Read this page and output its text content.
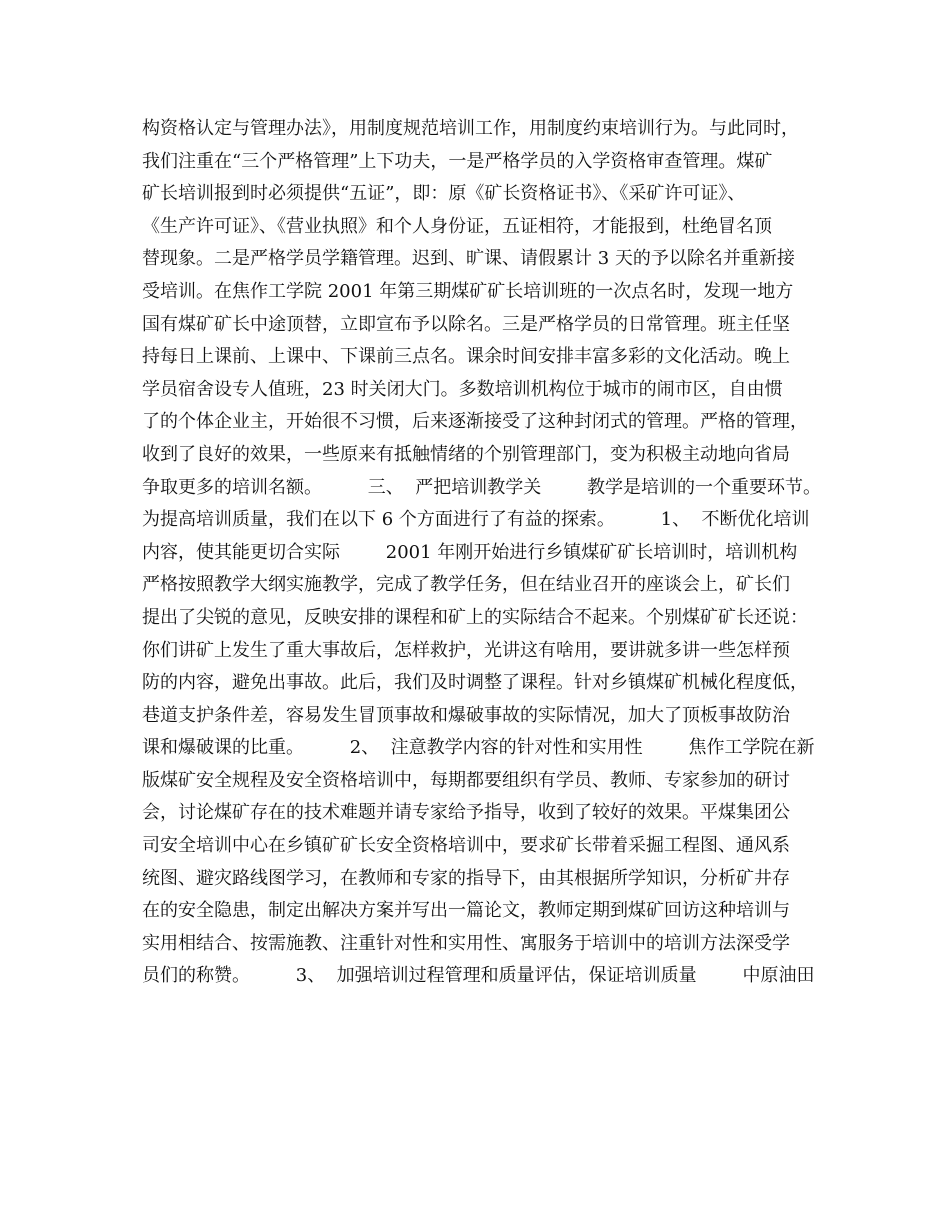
构资格认定与管理办法》，用制度规范培训工作，用制度约束培训行为。与此同时，
我们注重在“三个严格管理”上下功夫，一是严格学员的入学资格审查管理。煤矿
矿长培训报到时必须提供“五证”，即：原《矿长资格证书》、《采矿许可证》、
《生产许可证》、《营业执照》和个人身份证，五证相符，才能报到，杜绝冒名顶
替现象。二是严格学员学籍管理。迟到、旷课、请假累计 3 天的予以除名并重新接
受培训。在焦作工学院 2001 年第三期煤矿矿长培训班的一次点名时，发现一地方
国有煤矿矿长中途顶替，立即宣布予以除名。三是严格学员的日常管理。班主任坚
持每日上课前、上课中、下课前三点名。课余时间安排丰富多彩的文化活动。晚上
学员宿舍设专人值班，23 时关闭大门。多数培训机构位于城市的闹市区，自由惯
了的个体企业主，开始很不习惯，后来逐渐接受了这种封闭式的管理。严格的管理，
收到了良好的效果，一些原来有抵触情绪的个别管理部门，变为积极主动地向省局
争取更多的培训名额。        三、  严把培训教学关        教学是培训的一个重要环节。
为提高培训质量，我们在以下 6 个方面进行了有益的探索。        1、  不断优化培训
内容，使其能更切合实际        2001 年刚开始进行乡镇煤矿矿长培训时，培训机构
严格按照教学大纲实施教学，完成了教学任务，但在结业召开的座谈会上，矿长们
提出了尖锐的意见，反映安排的课程和矿上的实际结合不起来。个别煤矿矿长还说：
你们讲矿上发生了重大事故后，怎样救护，光讲这有啥用，要讲就多讲一些怎样预
防的内容，避免出事故。此后，我们及时调整了课程。针对乡镇煤矿机械化程度低，
巷道支护条件差，容易发生冒顶事故和爆破事故的实际情况，加大了顶板事故防治
课和爆破课的比重。        2、  注意教学内容的针对性和实用性        焦作工学院在新
版煤矿安全规程及安全资格培训中，每期都要组织有学员、教师、专家参加的研讨
会，讨论煤矿存在的技术难题并请专家给予指导，收到了较好的效果。平煤集团公
司安全培训中心在乡镇矿矿长安全资格培训中，要求矿长带着采掘工程图、通风系
统图、避灾路线图学习，在教师和专家的指导下，由其根据所学知识，分析矿井存
在的安全隐患，制定出解决方案并写出一篇论文，教师定期到煤矿回访这种培训与
实用相结合、按需施教、注重针对性和实用性、寓服务于培训中的培训方法深受学
员们的称赞。        3、  加强培训过程管理和质量评估，保证培训质量        中原油田
